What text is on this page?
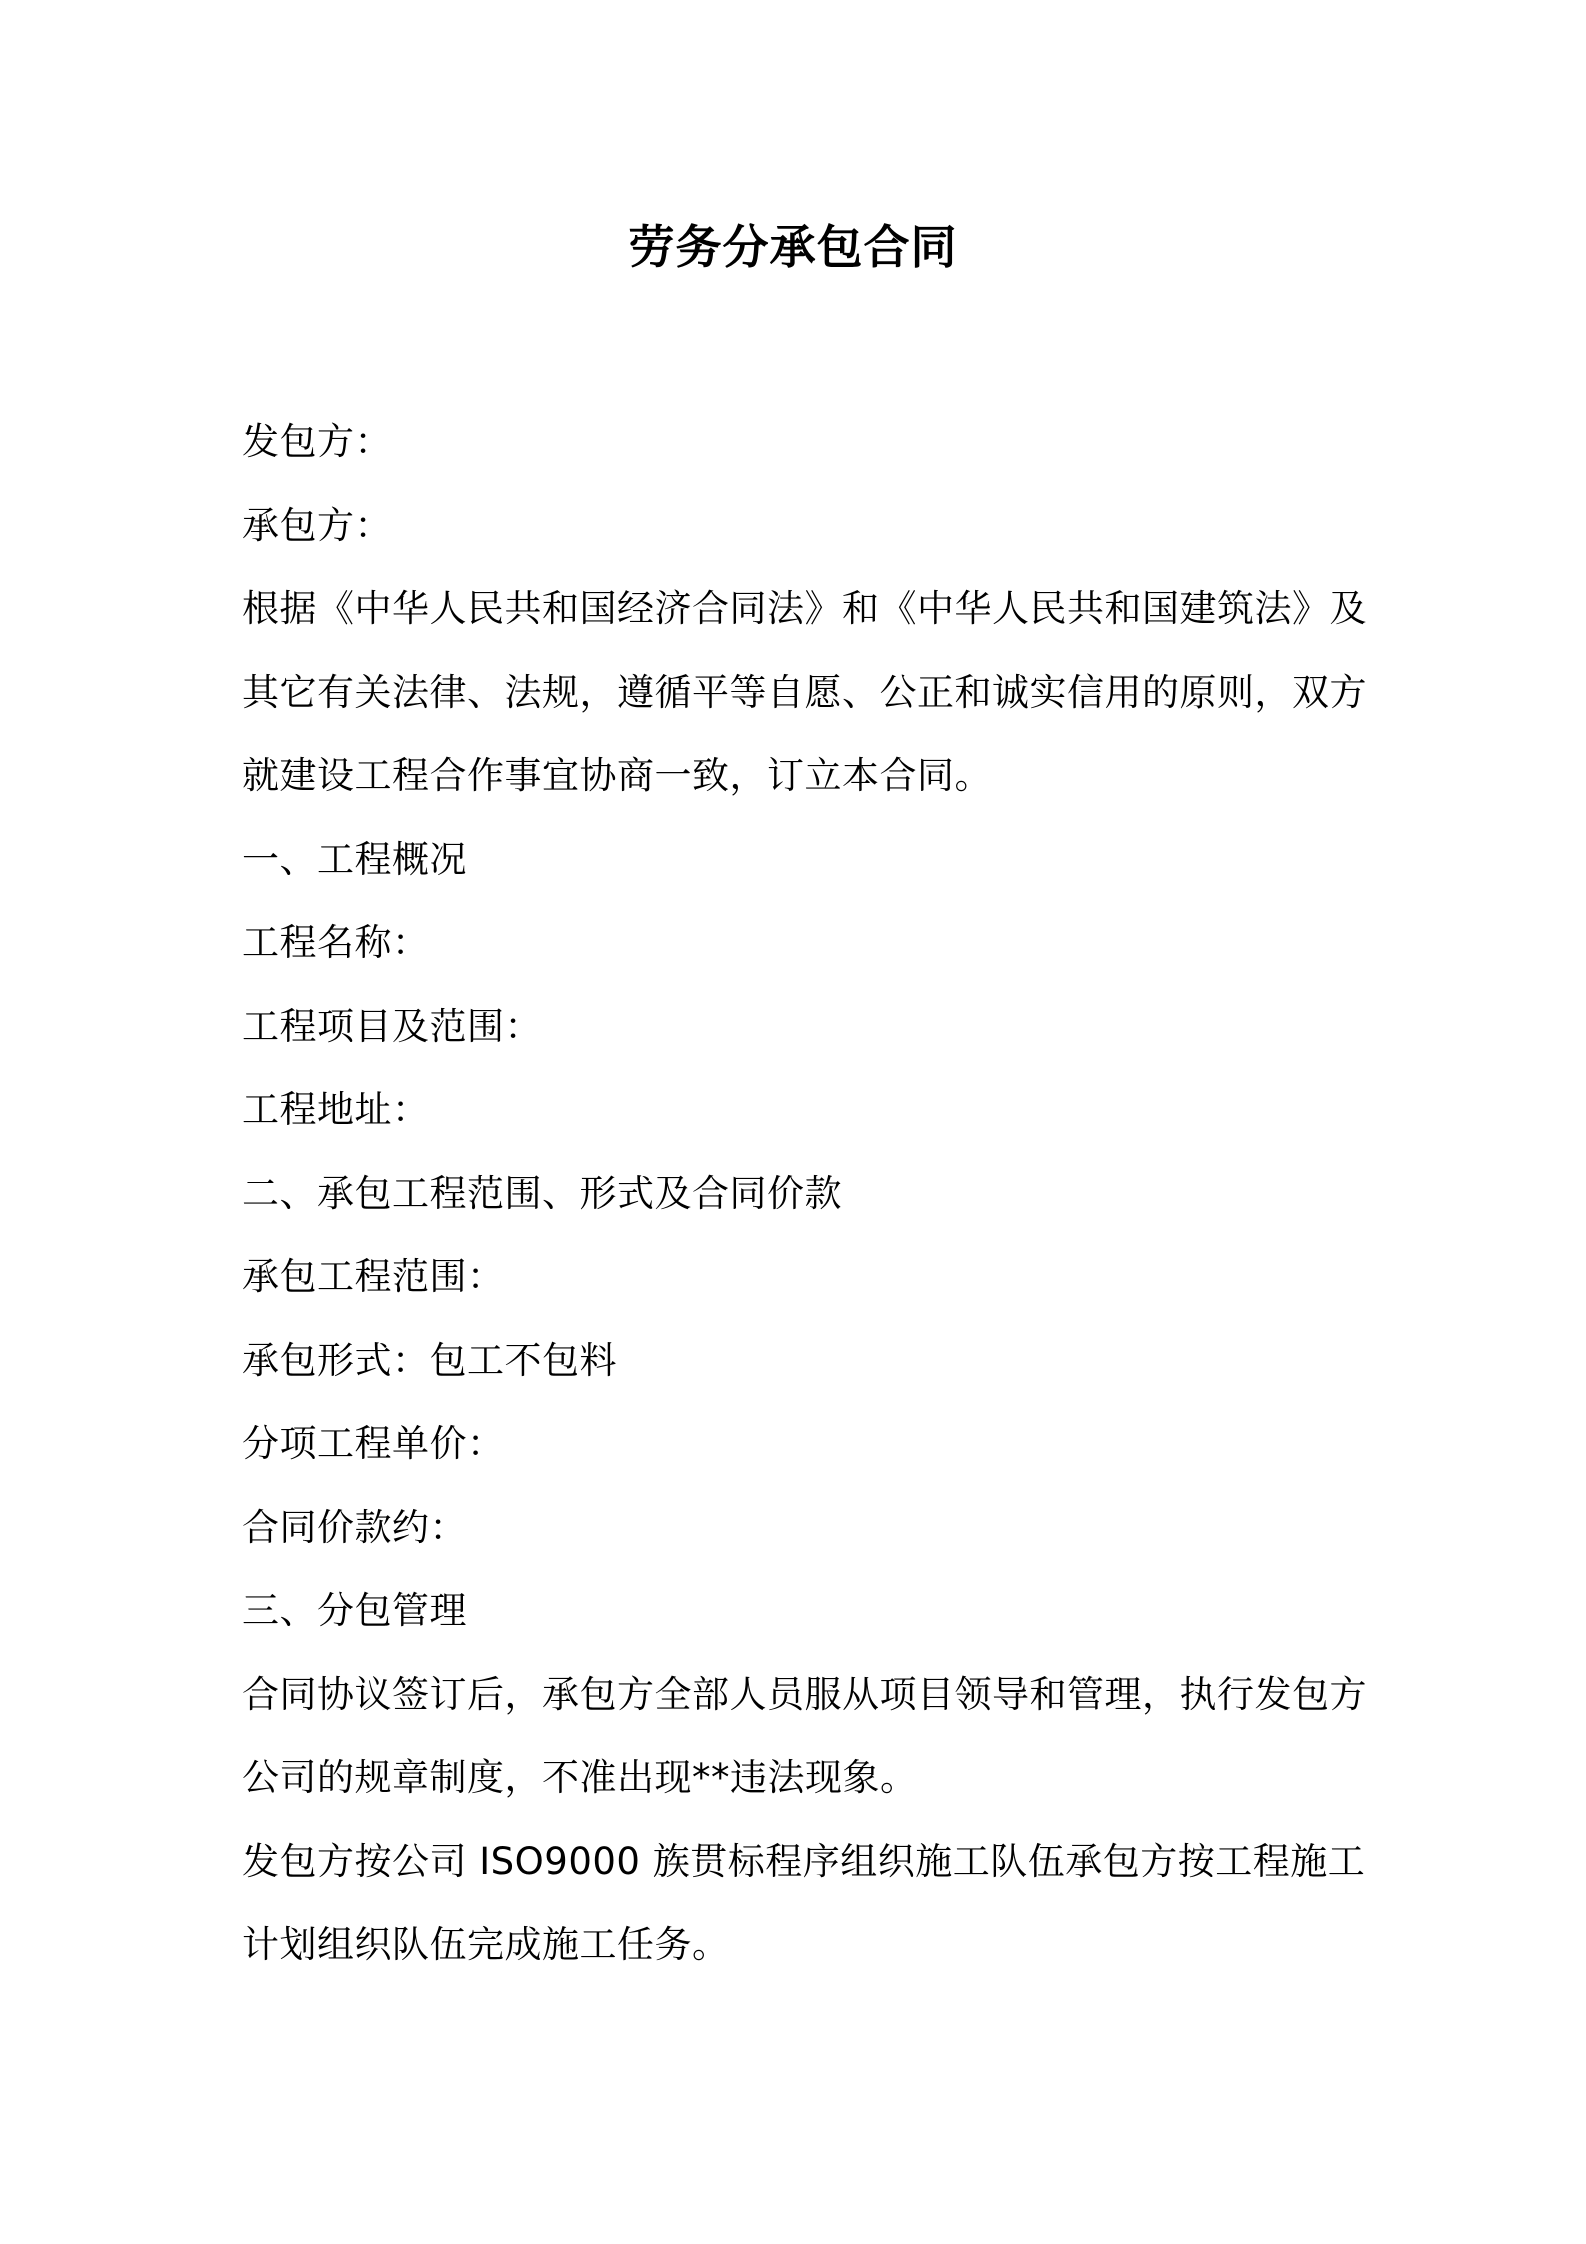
劳务分承包合同

发包方：

承包方：

根据《中华人民共和国经济合同法》和《中华人民共和国建筑法》及

其它有关法律、法规，遵循平等自愿、公正和诚实信用的原则，双方

就建设工程合作事宜协商一致，订立本合同。

一、工程概况

工程名称：

工程项目及范围：

工程地址：

二、承包工程范围、形式及合同价款

承包工程范围：

承包形式：包工不包料

分项工程单价：

合同价款约：

三、分包管理

合同协议签订后，承包方全部人员服从项目领导和管理，执行发包方

公司的规章制度，不准出现**违法现象。

发包方按公司 ISO9000 族贯标程序组织施工队伍承包方按工程施工

计划组织队伍完成施工任务。
